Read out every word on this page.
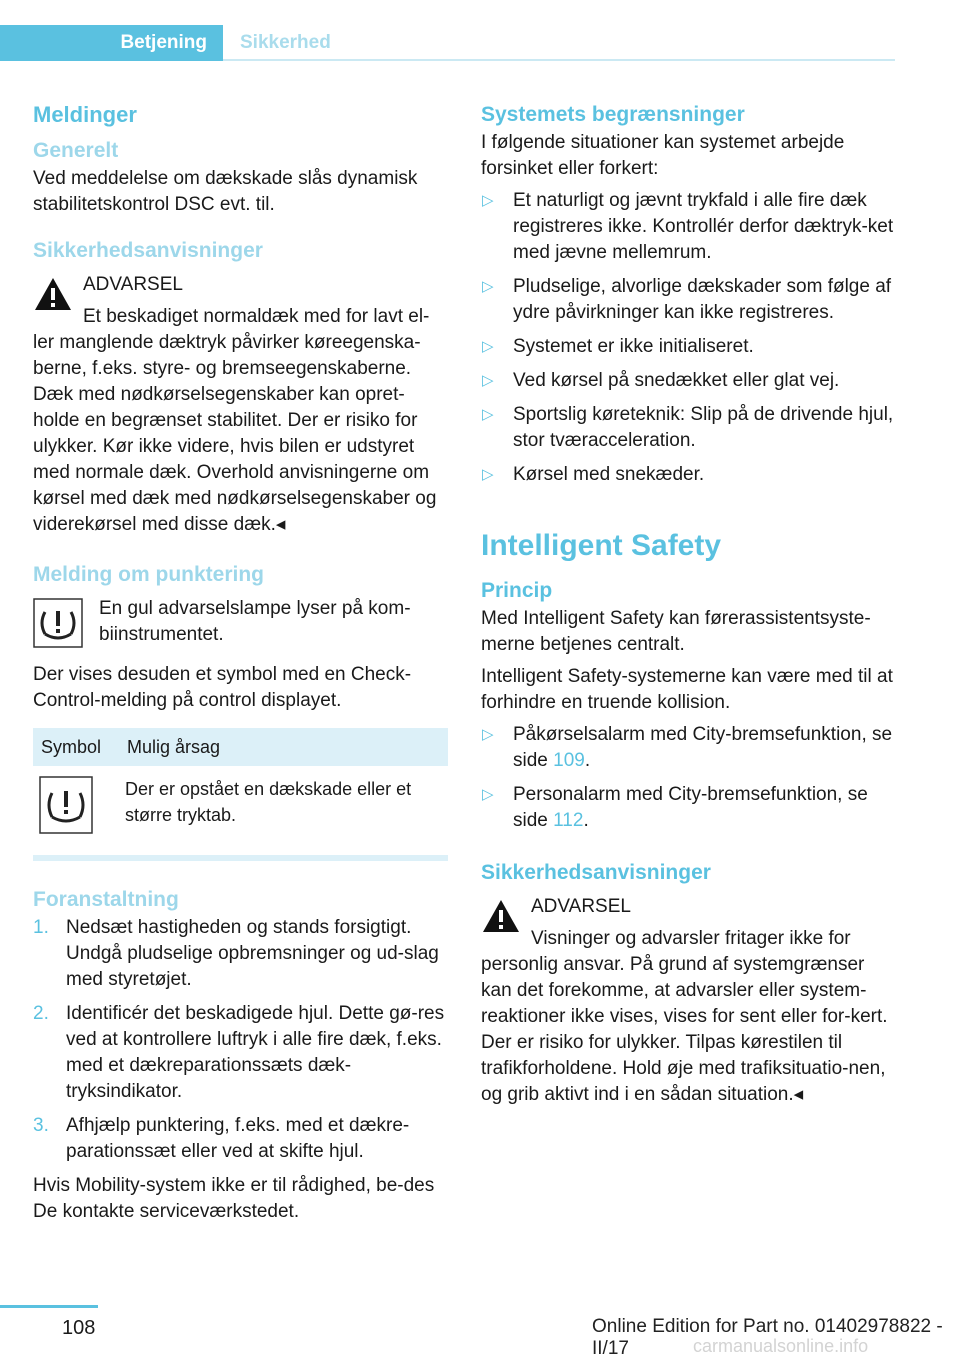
Betjening	Sikkerhed
Meldinger
Generelt

Ved meddelelse om dækskade slås dynamisk stabilitetskontrol DSC evt. til.

Sikkerhedsanvisninger

ADVARSEL

Et beskadiget normaldæk med for lavt el-

ler manglende dæktryk påvirker køreegenska-berne, f.eks. styre- og bremseegenskaberne. Dæk med nødkørselsegenskaber kan opret-holde en begrænset stabilitet. Der er risiko for ulykker. Kør ikke videre, hvis bilen er udstyret med normale dæk. Overhold anvisningerne om kørsel med dæk med nødkørselsegenskaber og viderekørsel med disse dæk.◂

Melding om punktering

En gul advarselslampe lyser på kom-biinstrumentet.

Der vises desuden et symbol med en Check-Control-melding på control displayet.

Symbol	Mulig årsag
	Der er opstået en dækskade eller et større tryktab.
Foranstaltning
1. Nedsæt hastigheden og stands forsigtigt. Undgå pludselige opbremsninger og ud-slag med styretøjet.
2. Identificér det beskadigede hjul. Dette gø-res ved at kontrollere luftryk i alle fire dæk, f.eks. med et dækreparationssæts dæk-tryksindikator.
3. Afhjælp punktering, f.eks. med et dækre-parationssæt eller ved at skifte hjul.

Hvis Mobility-system ikke er til rådighed, be-des De kontakte serviceværkstedet.

Systemets begrænsninger

I følgende situationer kan systemet arbejde forsinket eller forkert:

▷ Et naturligt og jævnt trykfald i alle fire dæk registreres ikke. Kontrollér derfor dæktryk-ket med jævne mellemrum.
▷ Pludselige, alvorlige dækskader som følge af ydre påvirkninger kan ikke registreres.
▷ Systemet er ikke initialiseret.
▷ Ved kørsel på snedækket eller glat vej.
▷ Sportslig køreteknik: Slip på de drivende hjul, stor tværacceleration.
▷ Kørsel med snekæder.
Intelligent Safety
Princip

Med Intelligent Safety kan førerassistentsyste-merne betjenes centralt.

Intelligent Safety-systemerne kan være med til at forhindre en truende kollision.

▷ Påkørselsalarm med City-bremsefunktion, se side 109.
▷ Personalarm med City-bremsefunktion, se side 112.
Sikkerhedsanvisninger

ADVARSEL

Visninger og advarsler fritager ikke for

personlig ansvar. På grund af systemgrænser kan det forekomme, at advarsler eller system-reaktioner ikke vises, vises for sent eller for-kert. Der er risiko for ulykker. Tilpas kørestilen til trafikforholdene. Hold øje med trafiksituatio-nen, og grib aktivt ind i en sådan situation.◂

108	Online Edition for Part no. 01402978822 - II/17	carmanualsonline.info
